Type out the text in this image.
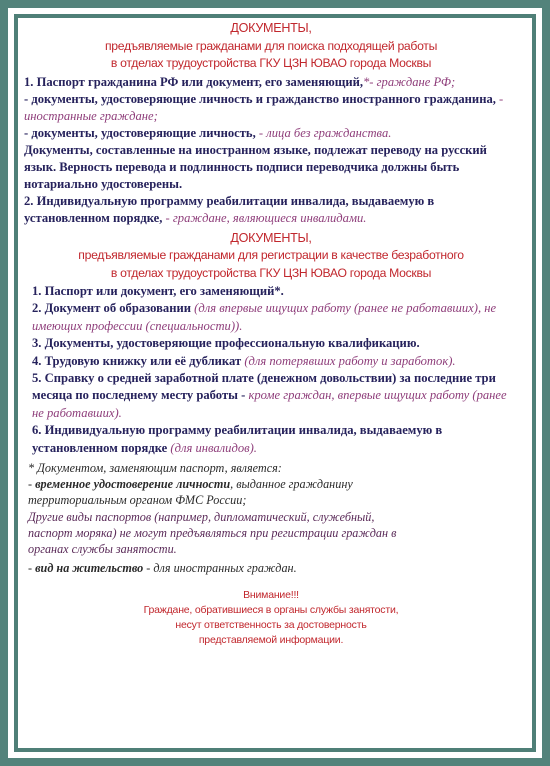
ДОКУМЕНТЫ,
предъявляемые гражданами для поиска подходящей работы
в отделах трудоустройства ГКУ ЦЗН ЮВАО города Москвы

1. Паспорт гражданина РФ или документ, его заменяющий,*- граждане РФ;

- документы, удостоверяющие личность и гражданство иностранного гражданина, - иностранные граждане;

- документы, удостоверяющие личность, - лица без гражданства.

Документы, составленные на иностранном языке, подлежат переводу на русский язык. Верность перевода и подлинность подписи переводчика должны быть нотариально удостоверены.

2. Индивидуальную программу реабилитации инвалида, выдаваемую в установленном порядке, - граждане, являющиеся инвалидами.

ДОКУМЕНТЫ,
предъявляемые гражданами для регистрации в качестве безработного
в отделах трудоустройства ГКУ ЦЗН ЮВАО города Москвы

1. Паспорт или документ, его заменяющий*.

2. Документ об образовании (для впервые ищущих работу (ранее не работавших), не имеющих профессии (специальности)).

3. Документы, удостоверяющие профессиональную квалификацию.

4. Трудовую книжку или её дубликат (для потерявших работу и заработок).

5. Справку о средней заработной плате (денежном довольствии) за последние три месяца по последнему месту работы - кроме граждан, впервые ищущих работу (ранее не работавших).

6. Индивидуальную программу реабилитации инвалида, выдаваемую в установленном порядке (для инвалидов).

* Документом, заменяющим паспорт, является:

- временное удостоверение личности, выданное гражданину территориальным органом ФМС России;

Другие виды паспортов (например, дипломатический, служебный, паспорт моряка) не могут предъявляться при регистрации граждан в органах службы занятости.

- вид на жительство - для иностранных граждан.

Внимание!!!
Граждане, обратившиеся в органы службы занятости,
несут ответственность за достоверность
представляемой информации.
